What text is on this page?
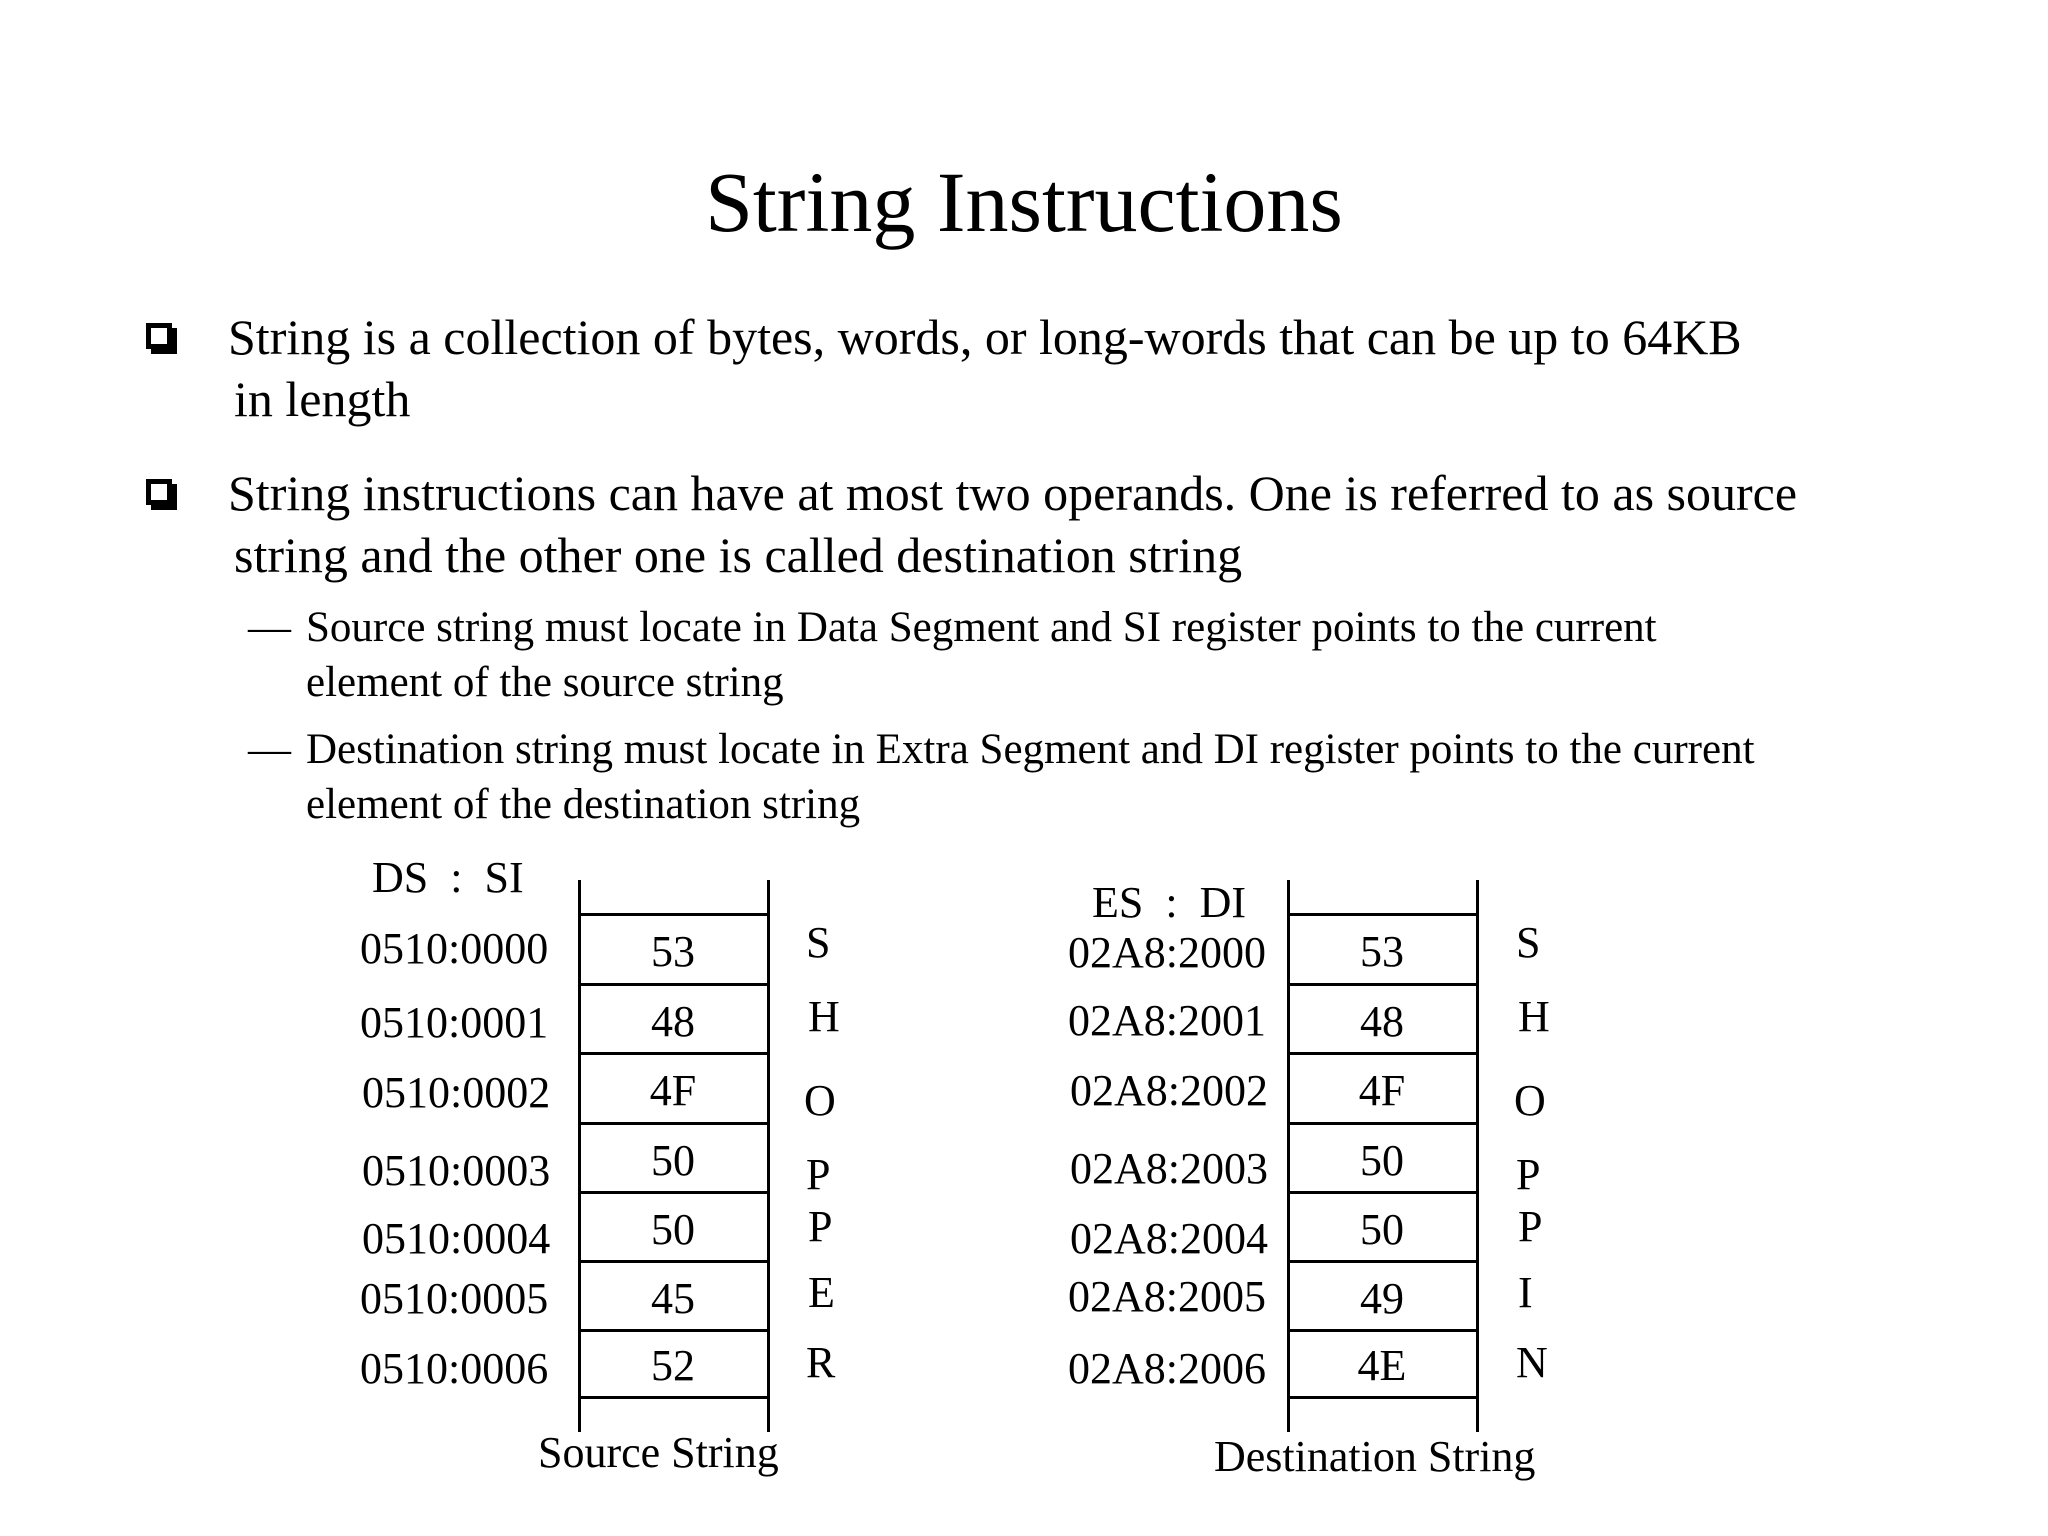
String Instructions
String is a collection of bytes, words, or long-words that can be up to 64KB
in length
String instructions can have at most two operands. One is referred to as source
string and the other one is called destination string
— Source string must locate in Data Segment and SI register points to the current
element of the source string
— Destination string must locate in Extra Segment and DI register points to the current
element of the destination string
DS : SI
0510:0000
0510:0001
0510:0002
0510:0003
0510:0004
0510:0005
0510:0006
53
48
4F
50
50
45
52
S
H
O
P
P
E
R
Source String
ES : DI
02A8:2000
02A8:2001
02A8:2002
02A8:2003
02A8:2004
02A8:2005
02A8:2006
53
48
4F
50
50
49
4E
S
H
O
P
P
I
N
Destination String
